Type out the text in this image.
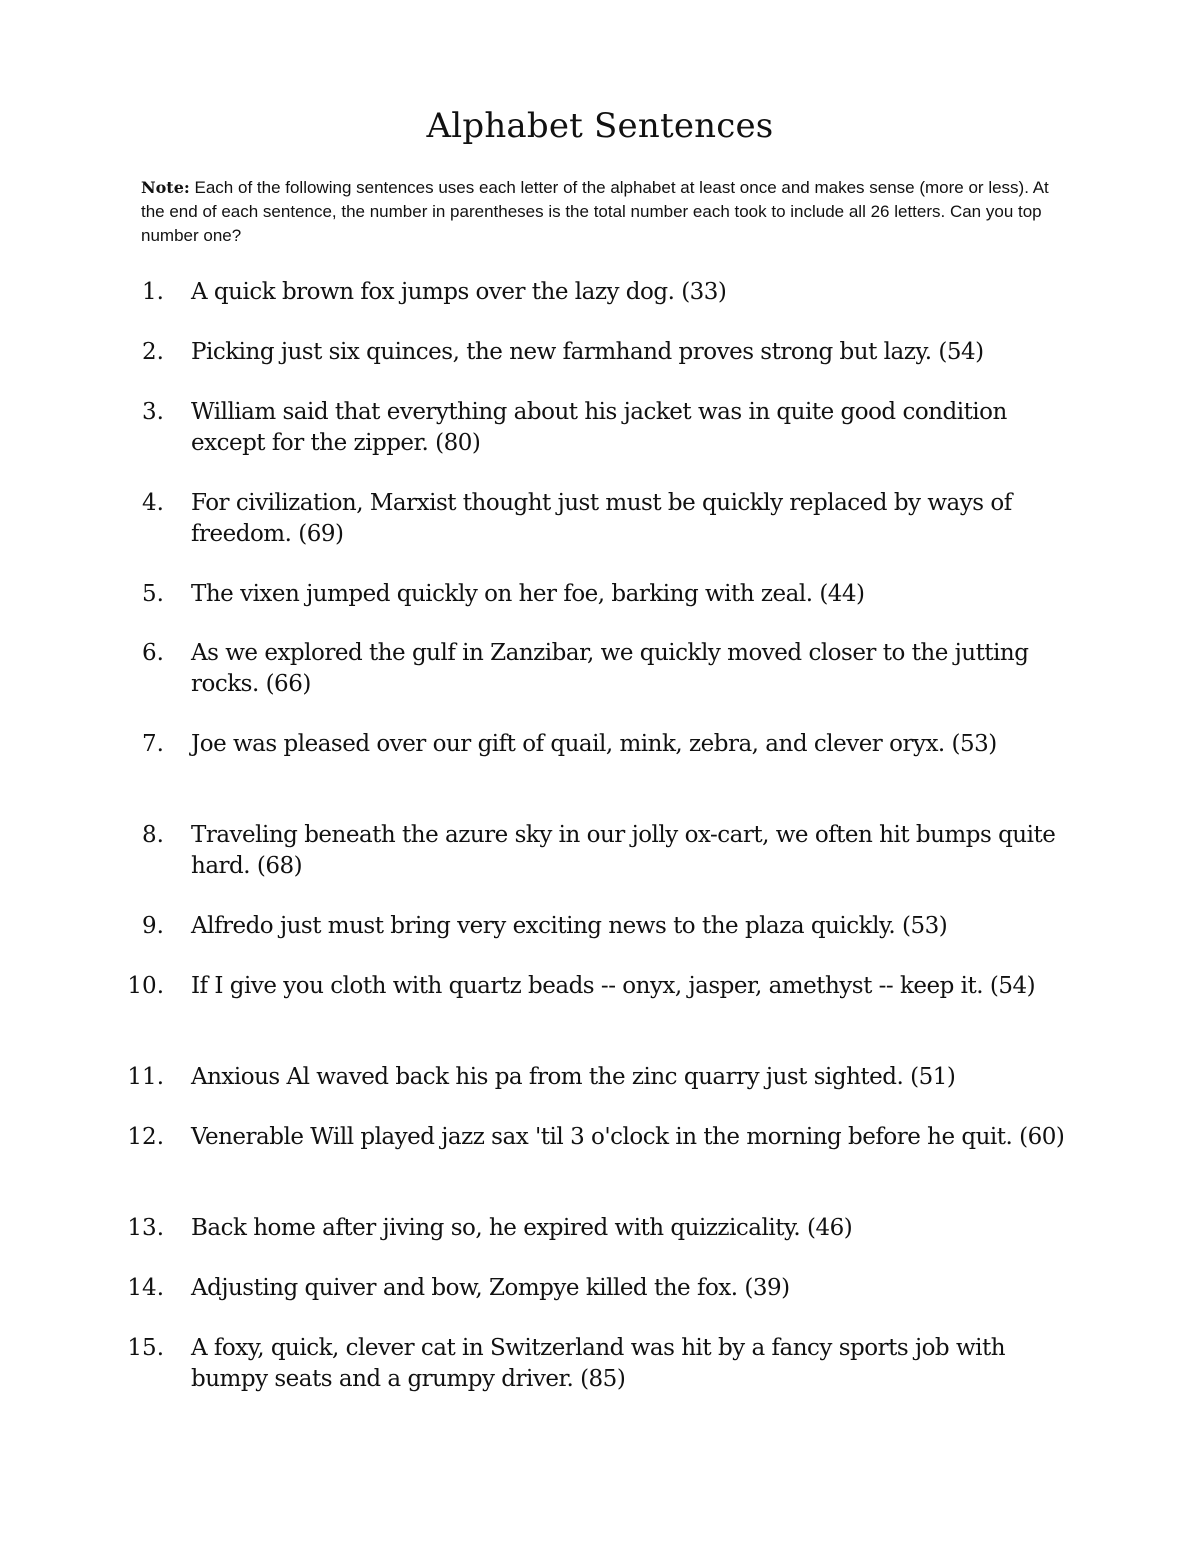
Alphabet Sentences

Note: Each of the following sentences uses each letter of the alphabet at least once and makes sense (more or less). At the end of each sentence, the number in parentheses is the total number each took to include all 26 letters. Can you top number one?

1. A quick brown fox jumps over the lazy dog. (33)
2. Picking just six quinces, the new farmhand proves strong but lazy. (54)
3. William said that everything about his jacket was in quite good condition except for the zipper. (80)
4. For civilization, Marxist thought just must be quickly replaced by ways of freedom. (69)
5. The vixen jumped quickly on her foe, barking with zeal. (44)
6. As we explored the gulf in Zanzibar, we quickly moved closer to the jutting rocks. (66)
7. Joe was pleased over our gift of quail, mink, zebra, and clever oryx. (53)
8. Traveling beneath the azure sky in our jolly ox-cart, we often hit bumps quite hard. (68)
9. Alfredo just must bring very exciting news to the plaza quickly. (53)
10. If I give you cloth with quartz beads -- onyx, jasper, amethyst -- keep it. (54)
11. Anxious Al waved back his pa from the zinc quarry just sighted. (51)
12. Venerable Will played jazz sax 'til 3 o'clock in the morning before he quit. (60)
13. Back home after jiving so, he expired with quizzicality. (46)
14. Adjusting quiver and bow, Zompye killed the fox. (39)
15. A foxy, quick, clever cat in Switzerland was hit by a fancy sports job with bumpy seats and a grumpy driver. (85)
